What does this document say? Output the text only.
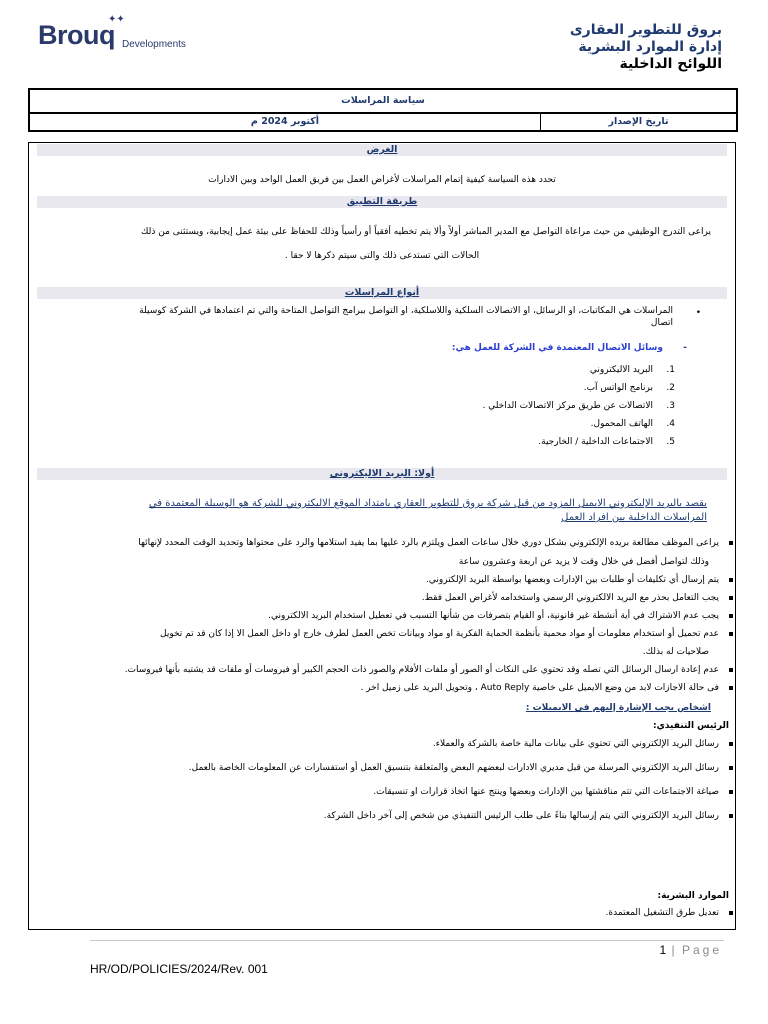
✦✦
Brouq Developments
بروق للتطوير العقارى
إدارة الموارد البشرية
اللوائح الداخلية
سياسة المراسلات
أكتوبر 2024 م	تاريخ الإصدار
الغرض
تحدد هذه السياسة كيفية إتمام المراسلات لأغراض العمل بين فريق العمل الواحد وبين الادارات
طريقة التطبيق
يراعى التدرج الوظيفي من حيث مراعاة التواصل مع المدير المباشر أولاً وألا يتم تخطيه أفقياً أو رأسياً وذلك للحفاظ على بيئة عمل إيجابية، ويستثنى من ذلك
الحالات التي تستدعى ذلك والتى سيتم ذكرها لا حقا .
أنواع المراسلات
•
المراسلات هي المكاتبات، او الرسائل، او الاتصالات السلكية واللاسلكية، او التواصل ببرامج التواصل المتاحة والتي تم اعتمادها في الشركة كوسيلة
اتصال
-
وسائل الاتصال المعتمدة في الشركة للعمل هي:
1.البريد الاليكتروني
2.برنامج الواتس آب.
3.الاتصالات عن طريق مركز الاتصالات الداخلي .
4.الهاتف المحمول.
5.الاجتماعات الداخلية / الخارجية.
أولا: البريد الاليكتروني
يقصد بالبريد الإليكتروني الايميل المزود من قبل شركة بروق للتطوير العقاري بامتداد الموقع الاليكتروني للشركة هو الوسيلة المعتمدة في
المراسلات الداخلية بين افراد العمل
يراعى الموظف مطالعة بريده الإلكتروني بشكل دوري خلال ساعات العمل ويلتزم بالرد عليها بما يفيد استلامها والرد على محتواها وتحديد الوقت المحدد لإنهائها
وذلك لتواصل أفضل في خلال وقت لا يزيد عن اربعة وعشرون ساعة
يتم إرسال أي تكليفات أو طلبات بين الإدارات وبعضها بواسطة البريد الإلكتروني.
يجب التعامل بحذر مع البريد الالكتروني الرسمي واستخدامه لأغراض العمل فقط.
يجب عدم الاشتراك في أية أنشطة غير قانونية، أو القيام بتصرفات من شأنها التسبب في تعطيل استخدام البريد الالكتروني.
عدم تحميل أو استخدام معلومات أو مواد محمية بأنظمة الحماية الفكرية او مواد وبيانات تخص العمل لطرف خارج او داخل العمل الا إذا كان قد تم تخويل
صلاحيات له بذلك.
عدم إعادة ارسال الرسائل التي تصله وقد تحتوي على النكات أو الصور أو ملفات الأفلام والصور ذات الحجم الكبير أو فيروسات أو ملفات قد يشتبه بأنها فيروسات.
فى حالة الاجازات لابد من وضع الايميل على خاصية Auto Reply ، وتحويل البريد على زميل اخر .
اشخاص يجب الإشارة إليهم في الايميلات :
الرئيس التنفيذي:
رسائل البريد الإلكتروني التي تحتوي على بيانات مالية خاصة بالشركة والعملاء.
رسائل البريد الإلكتروني المرسلة من قبل مديري الادارات لبعضهم البعض والمتعلقة بتنسيق العمل أو استفسارات عن المعلومات الخاصة بالعمل.
صياغة الاجتماعات التي تتم مناقشتها بين الإدارات وبعضها وينتج عنها اتخاذ قرارات او تنسيقات.
رسائل البريد الإلكتروني التي يتم إرسالها بناءً على طلب الرئيس التنفيذي من شخص إلى آخر داخل الشركة.
الموارد البشرية:
تعديل طرق التشغيل المعتمدة.
1 | Page
HR/OD/POLICIES/2024/Rev. 001
